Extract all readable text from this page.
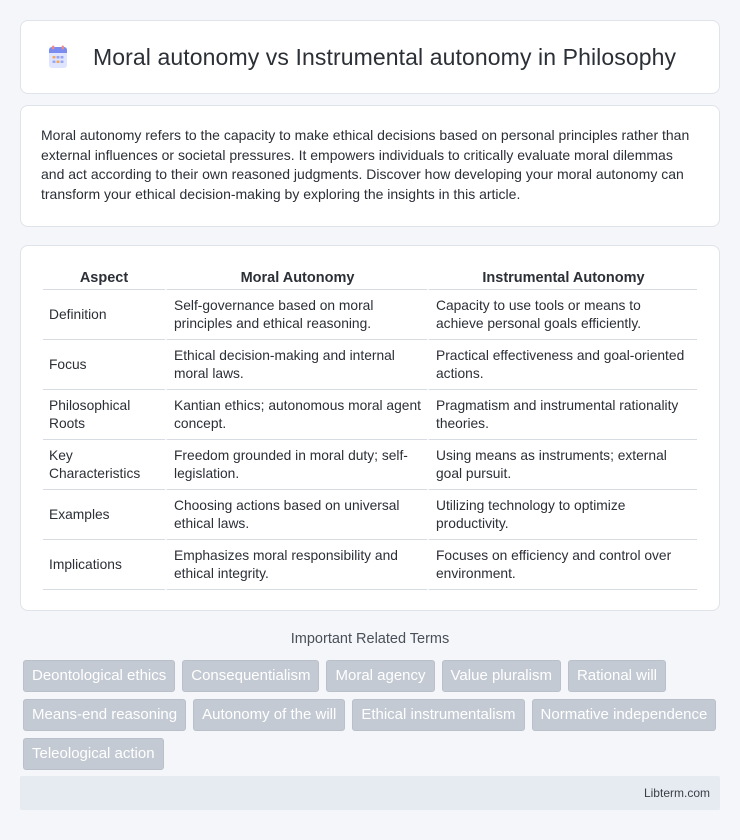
Moral autonomy vs Instrumental autonomy in Philosophy

Moral autonomy refers to the capacity to make ethical decisions based on personal principles rather than external influences or societal pressures. It empowers individuals to critically evaluate moral dilemmas and act according to their own reasoned judgments. Discover how developing your moral autonomy can transform your ethical decision-making by exploring the insights in this article.

Aspect	Moral Autonomy	Instrumental Autonomy
Definition	Self-governance based on moral principles and ethical reasoning.	Capacity to use tools or means to achieve personal goals efficiently.
Focus	Ethical decision-making and internal moral laws.	Practical effectiveness and goal-oriented actions.
Philosophical Roots	Kantian ethics; autonomous moral agent concept.	Pragmatism and instrumental rationality theories.
Key Characteristics	Freedom grounded in moral duty; self-legislation.	Using means as instruments; external goal pursuit.
Examples	Choosing actions based on universal ethical laws.	Utilizing technology to optimize productivity.
Implications	Emphasizes moral responsibility and ethical integrity.	Focuses on efficiency and control over environment.
Important Related Terms
Deontological ethics	Consequentialism	Moral agency	Value pluralism	Rational will
Means-end reasoning	Autonomy of the will	Ethical instrumentalism	Normative independence
Teleological action
Libterm.com
